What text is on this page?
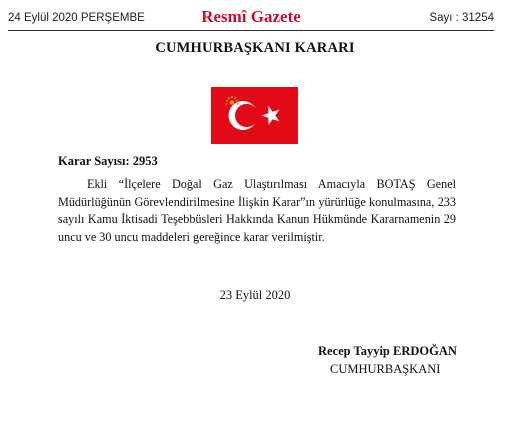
24 Eylül 2020 PERŞEMBE	Resmî Gazete	Sayı : 31254
CUMHURBAŞKANI KARARI
Karar Sayısı: 2953
Ekli “İlçelere Doğal Gaz Ulaştırılması Amacıyla BOTAŞ Genel Müdürlüğünün Görevlendirilmesine İlişkin Karar”ın yürürlüğe konulmasına, 233 sayılı Kamu İktisadi Teşebbüsleri Hakkında Kanun Hükmünde Kararnamenin 29 uncu ve 30 uncu maddeleri gereğince karar verilmiştir.
23 Eylül 2020
Recep Tayyip ERDOĞAN
CUMHURBAŞKANI
